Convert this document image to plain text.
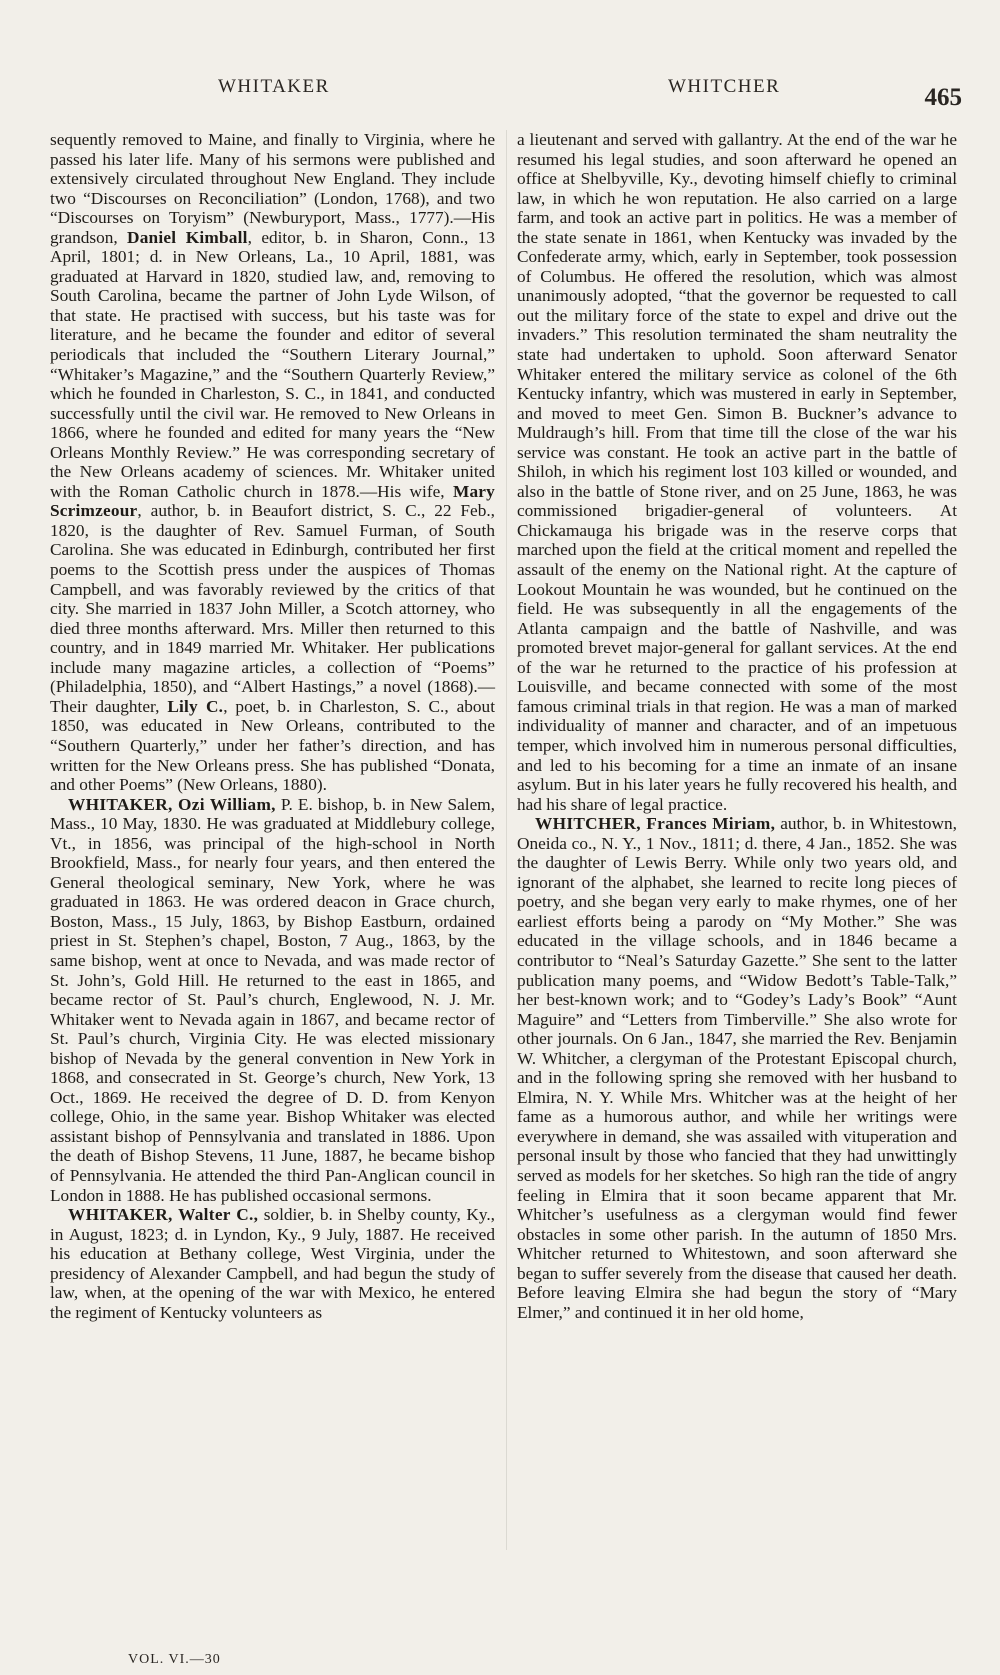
WHITAKER	WHITCHER	465

sequently removed to Maine, and finally to Virginia, where he passed his later life. Many of his sermons were published and extensively circulated throughout New England. They include two “Discourses on Reconciliation” (London, 1768), and two “Discourses on Toryism” (Newburyport, Mass., 1777).—His grandson, Daniel Kimball, editor, b. in Sharon, Conn., 13 April, 1801; d. in New Orleans, La., 10 April, 1881, was graduated at Harvard in 1820, studied law, and, removing to South Carolina, became the partner of John Lyde Wilson, of that state. He practised with success, but his taste was for literature, and he became the founder and editor of several periodicals that included the “Southern Literary Journal,” “Whitaker’s Magazine,” and the “Southern Quarterly Review,” which he founded in Charleston, S. C., in 1841, and conducted successfully until the civil war. He removed to New Orleans in 1866, where he founded and edited for many years the “New Orleans Monthly Review.” He was corresponding secretary of the New Orleans academy of sciences. Mr. Whitaker united with the Roman Catholic church in 1878.—His wife, Mary Scrimzeour, author, b. in Beaufort district, S. C., 22 Feb., 1820, is the daughter of Rev. Samuel Furman, of South Carolina. She was educated in Edinburgh, contributed her first poems to the Scottish press under the auspices of Thomas Campbell, and was favorably reviewed by the critics of that city. She married in 1837 John Miller, a Scotch attorney, who died three months afterward. Mrs. Miller then returned to this country, and in 1849 married Mr. Whitaker. Her publications include many magazine articles, a collection of “Poems” (Philadelphia, 1850), and “Albert Hastings,” a novel (1868).—Their daughter, Lily C., poet, b. in Charleston, S. C., about 1850, was educated in New Orleans, contributed to the “Southern Quarterly,” under her father’s direction, and has written for the New Orleans press. She has published “Donata, and other Poems” (New Orleans, 1880).

WHITAKER, Ozi William, P. E. bishop, b. in New Salem, Mass., 10 May, 1830. He was graduated at Middlebury college, Vt., in 1856, was principal of the high-school in North Brookfield, Mass., for nearly four years, and then entered the General theological seminary, New York, where he was graduated in 1863. He was ordered deacon in Grace church, Boston, Mass., 15 July, 1863, by Bishop Eastburn, ordained priest in St. Stephen’s chapel, Boston, 7 Aug., 1863, by the same bishop, went at once to Nevada, and was made rector of St. John’s, Gold Hill. He returned to the east in 1865, and became rector of St. Paul’s church, Englewood, N. J. Mr. Whitaker went to Nevada again in 1867, and became rector of St. Paul’s church, Virginia City. He was elected missionary bishop of Nevada by the general convention in New York in 1868, and consecrated in St. George’s church, New York, 13 Oct., 1869. He received the degree of D. D. from Kenyon college, Ohio, in the same year. Bishop Whitaker was elected assistant bishop of Pennsylvania and translated in 1886. Upon the death of Bishop Stevens, 11 June, 1887, he became bishop of Pennsylvania. He attended the third Pan-Anglican council in London in 1888. He has published occasional sermons.

WHITAKER, Walter C., soldier, b. in Shelby county, Ky., in August, 1823; d. in Lyndon, Ky., 9 July, 1887. He received his education at Bethany college, West Virginia, under the presidency of Alexander Campbell, and had begun the study of law, when, at the opening of the war with Mexico, he entered the regiment of Kentucky volunteers as

a lieutenant and served with gallantry. At the end of the war he resumed his legal studies, and soon afterward he opened an office at Shelbyville, Ky., devoting himself chiefly to criminal law, in which he won reputation. He also carried on a large farm, and took an active part in politics. He was a member of the state senate in 1861, when Kentucky was invaded by the Confederate army, which, early in September, took possession of Columbus. He offered the resolution, which was almost unanimously adopted, “that the governor be requested to call out the military force of the state to expel and drive out the invaders.” This resolution terminated the sham neutrality the state had undertaken to uphold. Soon afterward Senator Whitaker entered the military service as colonel of the 6th Kentucky infantry, which was mustered in early in September, and moved to meet Gen. Simon B. Buckner’s advance to Muldraugh’s hill. From that time till the close of the war his service was constant. He took an active part in the battle of Shiloh, in which his regiment lost 103 killed or wounded, and also in the battle of Stone river, and on 25 June, 1863, he was commissioned brigadier-general of volunteers. At Chickamauga his brigade was in the reserve corps that marched upon the field at the critical moment and repelled the assault of the enemy on the National right. At the capture of Lookout Mountain he was wounded, but he continued on the field. He was subsequently in all the engagements of the Atlanta campaign and the battle of Nashville, and was promoted brevet major-general for gallant services. At the end of the war he returned to the practice of his profession at Louisville, and became connected with some of the most famous criminal trials in that region. He was a man of marked individuality of manner and character, and of an impetuous temper, which involved him in numerous personal difficulties, and led to his becoming for a time an inmate of an insane asylum. But in his later years he fully recovered his health, and had his share of legal practice.

WHITCHER, Frances Miriam, author, b. in Whitestown, Oneida co., N. Y., 1 Nov., 1811; d. there, 4 Jan., 1852. She was the daughter of Lewis Berry. While only two years old, and ignorant of the alphabet, she learned to recite long pieces of poetry, and she began very early to make rhymes, one of her earliest efforts being a parody on “My Mother.” She was educated in the village schools, and in 1846 became a contributor to “Neal’s Saturday Gazette.” She sent to the latter publication many poems, and “Widow Bedott’s Table-Talk,” her best-known work; and to “Godey’s Lady’s Book” “Aunt Maguire” and “Letters from Timberville.” She also wrote for other journals. On 6 Jan., 1847, she married the Rev. Benjamin W. Whitcher, a clergyman of the Protestant Episcopal church, and in the following spring she removed with her husband to Elmira, N. Y. While Mrs. Whitcher was at the height of her fame as a humorous author, and while her writings were everywhere in demand, she was assailed with vituperation and personal insult by those who fancied that they had unwittingly served as models for her sketches. So high ran the tide of angry feeling in Elmira that it soon became apparent that Mr. Whitcher’s usefulness as a clergyman would find fewer obstacles in some other parish. In the autumn of 1850 Mrs. Whitcher returned to Whitestown, and soon afterward she began to suffer severely from the disease that caused her death. Before leaving Elmira she had begun the story of “Mary Elmer,” and continued it in her old home,

VOL. VI.—30
